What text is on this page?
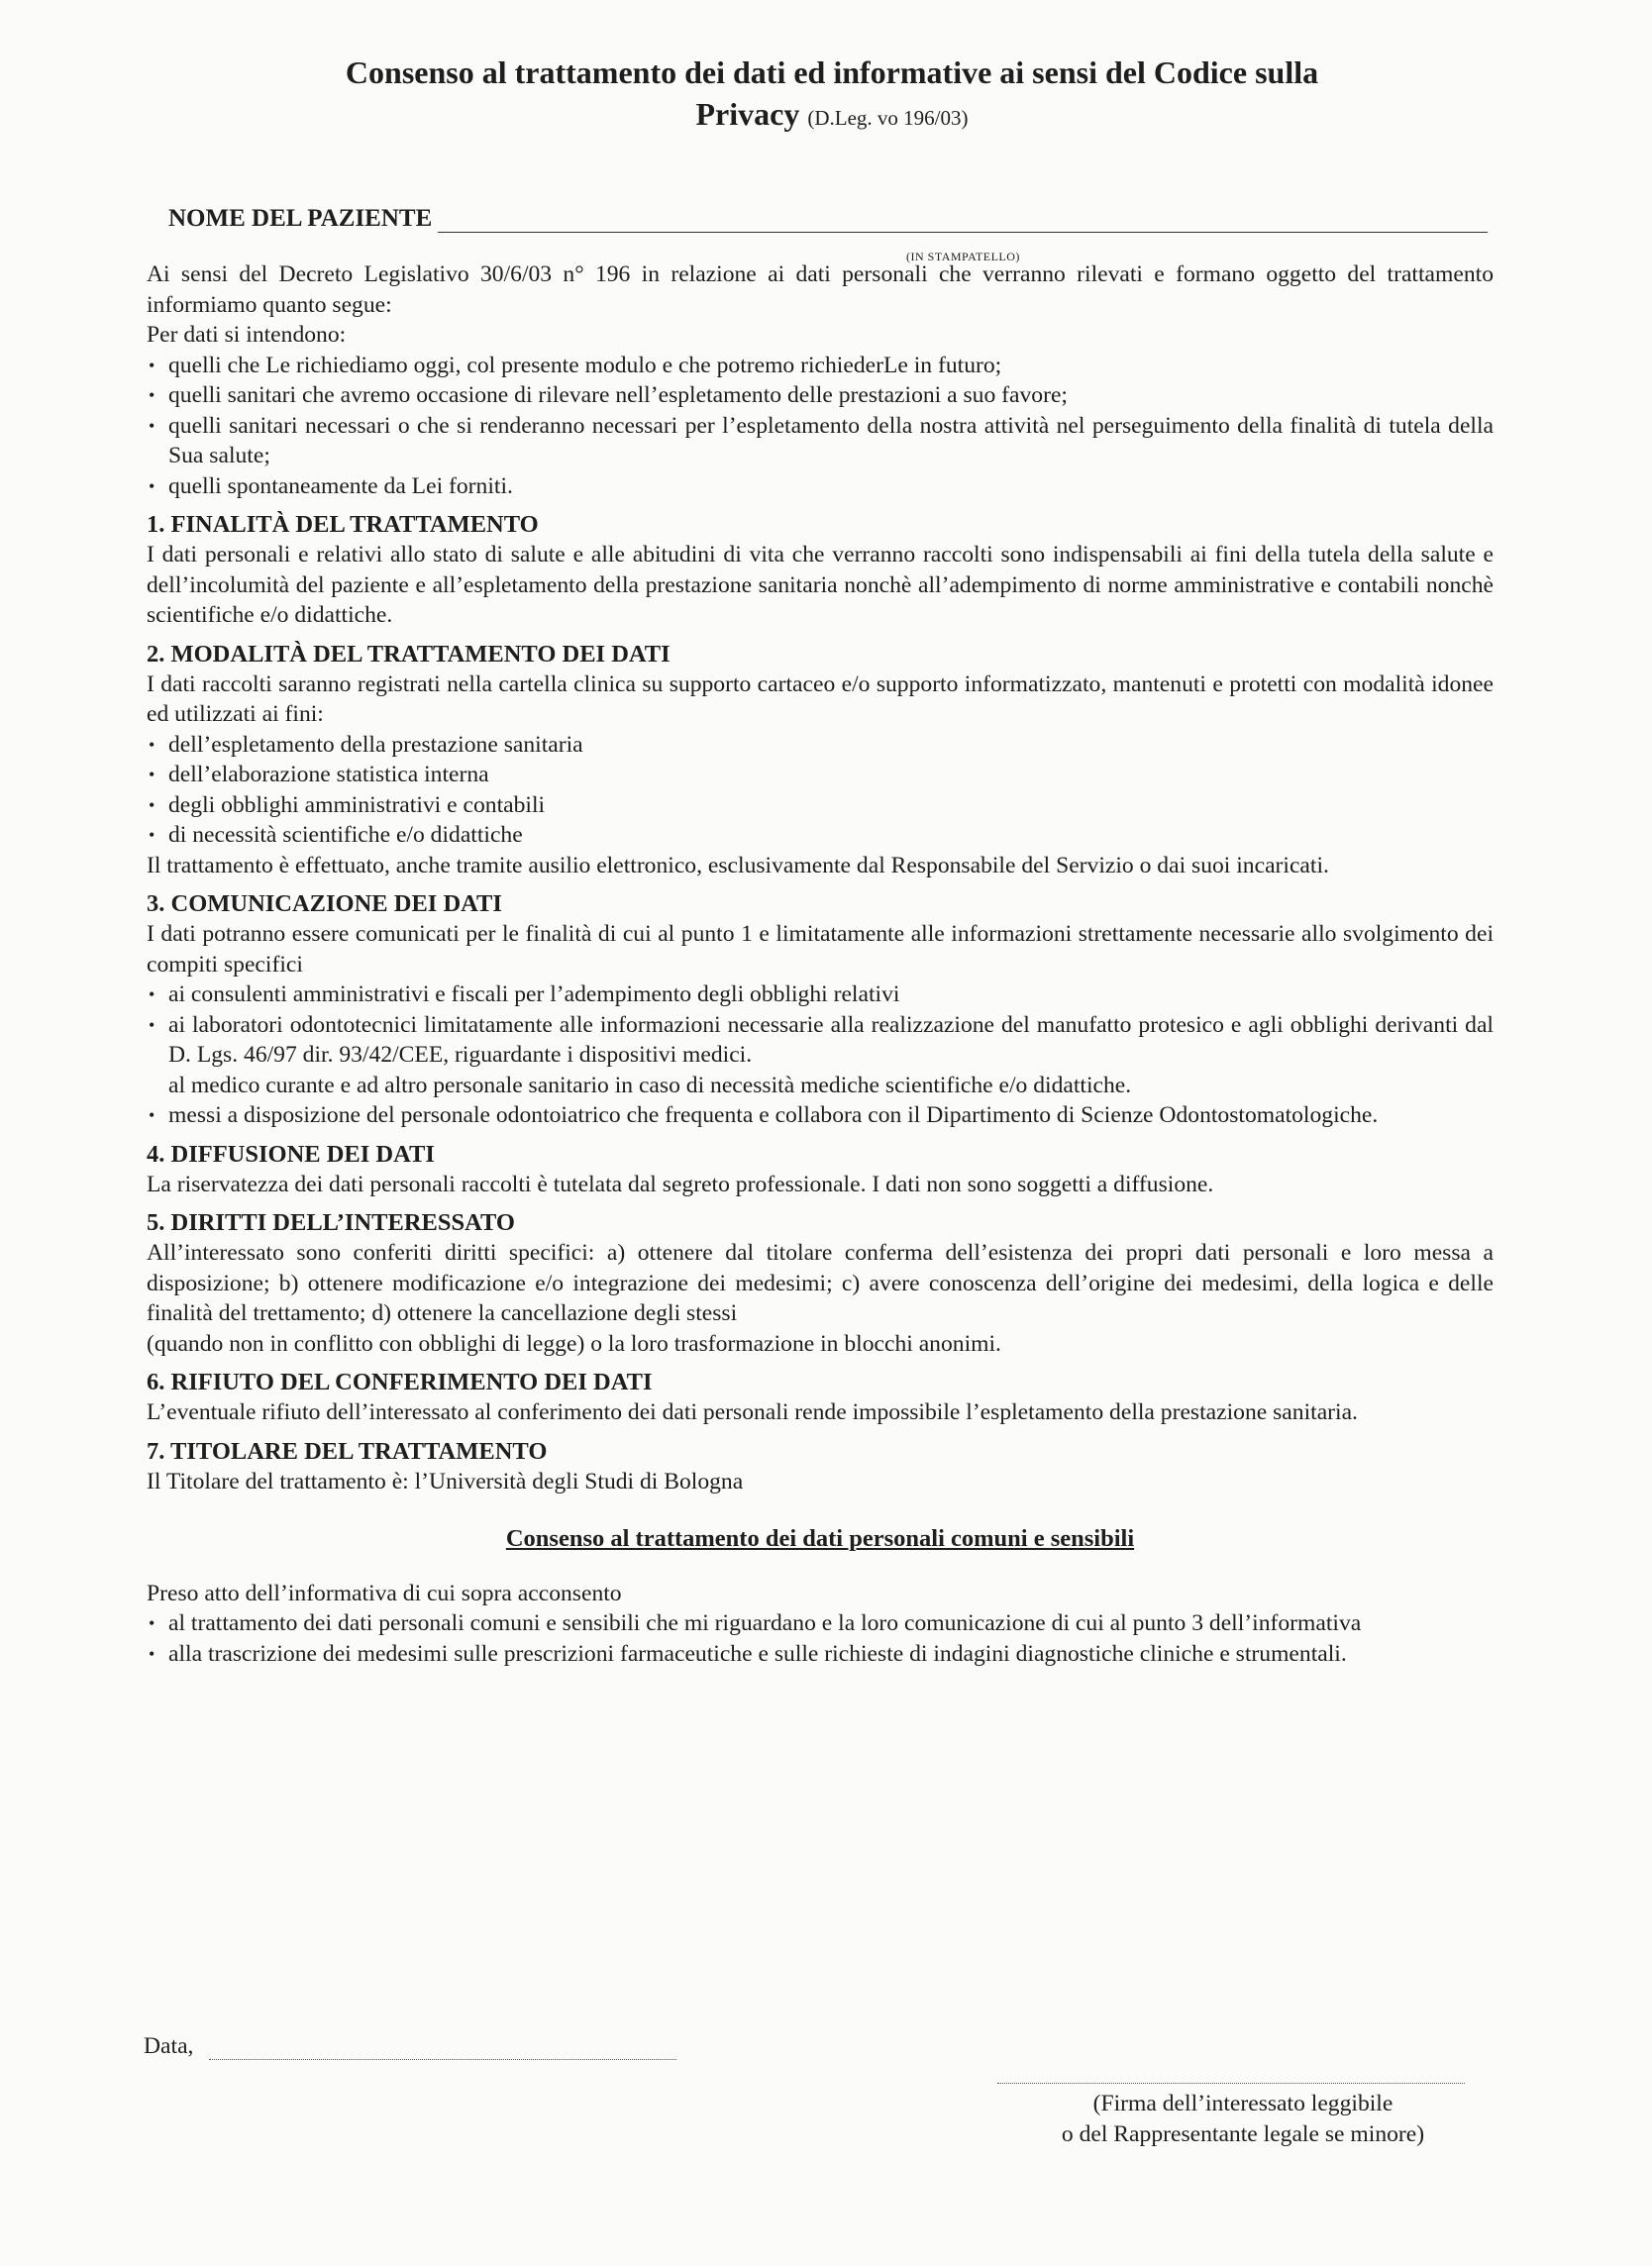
Consenso al trattamento dei dati ed informative ai sensi del Codice sulla
Privacy (D.Leg. vo 196/03)
NOME DEL PAZIENTE
(IN STAMPATELLO)

Ai sensi del Decreto Legislativo 30/6/03 n° 196 in relazione ai dati personali che verranno rilevati e formano oggetto del trattamento informiamo quanto segue:

Per dati si intendono:

• quelli che Le richiediamo oggi, col presente modulo e che potremo richiederLe in futuro;
• quelli sanitari che avremo occasione di rilevare nell’espletamento delle prestazioni a suo favore;
• quelli sanitari necessari o che si renderanno necessari per l’espletamento della nostra attività nel perseguimento della finalità di tutela della Sua salute;
• quelli spontaneamente da Lei forniti.
1. FINALITÀ DEL TRATTAMENTO

I dati personali e relativi allo stato di salute e alle abitudini di vita che verranno raccolti sono indispensabili ai fini della tutela della salute e dell’incolumità del paziente e all’espletamento della prestazione sanitaria nonchè all’adempimento di norme amministrative e contabili nonchè scientifiche e/o didattiche.

2. MODALITÀ DEL TRATTAMENTO DEI DATI

I dati raccolti saranno registrati nella cartella clinica su supporto cartaceo e/o supporto informatizzato, mantenuti e protetti con modalità idonee ed utilizzati ai fini:

• dell’espletamento della prestazione sanitaria
• dell’elaborazione statistica interna
• degli obblighi amministrativi e contabili
• di necessità scientifiche e/o didattiche

Il trattamento è effettuato, anche tramite ausilio elettronico, esclusivamente dal Responsabile del Servizio o dai suoi incaricati.

3. COMUNICAZIONE DEI DATI

I dati potranno essere comunicati per le finalità di cui al punto 1 e limitatamente alle informazioni strettamente necessarie allo svolgimento dei compiti specifici

• ai consulenti amministrativi e fiscali per l’adempimento degli obblighi relativi
• ai laboratori odontotecnici limitatamente alle informazioni necessarie alla realizzazione del manufatto protesico e agli obblighi derivanti dal D. Lgs. 46/97 dir. 93/42/CEE, riguardante i dispositivi medici.
al medico curante e ad altro personale sanitario in caso di necessità mediche scientifiche e/o didattiche.
• messi a disposizione del personale odontoiatrico che frequenta e collabora con il Dipartimento di Scienze Odontostomatologiche.
4. DIFFUSIONE DEI DATI

La riservatezza dei dati personali raccolti è tutelata dal segreto professionale. I dati non sono soggetti a diffusione.

5. DIRITTI DELL’INTERESSATO

All’interessato sono conferiti diritti specifici: a) ottenere dal titolare conferma dell’esistenza dei propri dati personali e loro messa a disposizione; b) ottenere modificazione e/o integrazione dei medesimi; c) avere conoscenza dell’origine dei medesimi, della logica e delle finalità del trettamento; d) ottenere la cancellazione degli stessi

(quando non in conflitto con obblighi di legge) o la loro trasformazione in blocchi anonimi.

6. RIFIUTO DEL CONFERIMENTO DEI DATI

L’eventuale rifiuto dell’interessato al conferimento dei dati personali rende impossibile l’espletamento della prestazione sanitaria.

7. TITOLARE DEL TRATTAMENTO

Il Titolare del trattamento è: l’Università degli Studi di Bologna

Consenso al trattamento dei dati personali comuni e sensibili

Preso atto dell’informativa di cui sopra acconsento

• al trattamento dei dati personali comuni e sensibili che mi riguardano e la loro comunicazione di cui al punto 3 dell’informativa
• alla trascrizione dei medesimi sulle prescrizioni farmaceutiche e sulle richieste di indagini diagnostiche cliniche e strumentali.
Data,
(Firma dell’interessato leggibile
o del Rappresentante legale se minore)
